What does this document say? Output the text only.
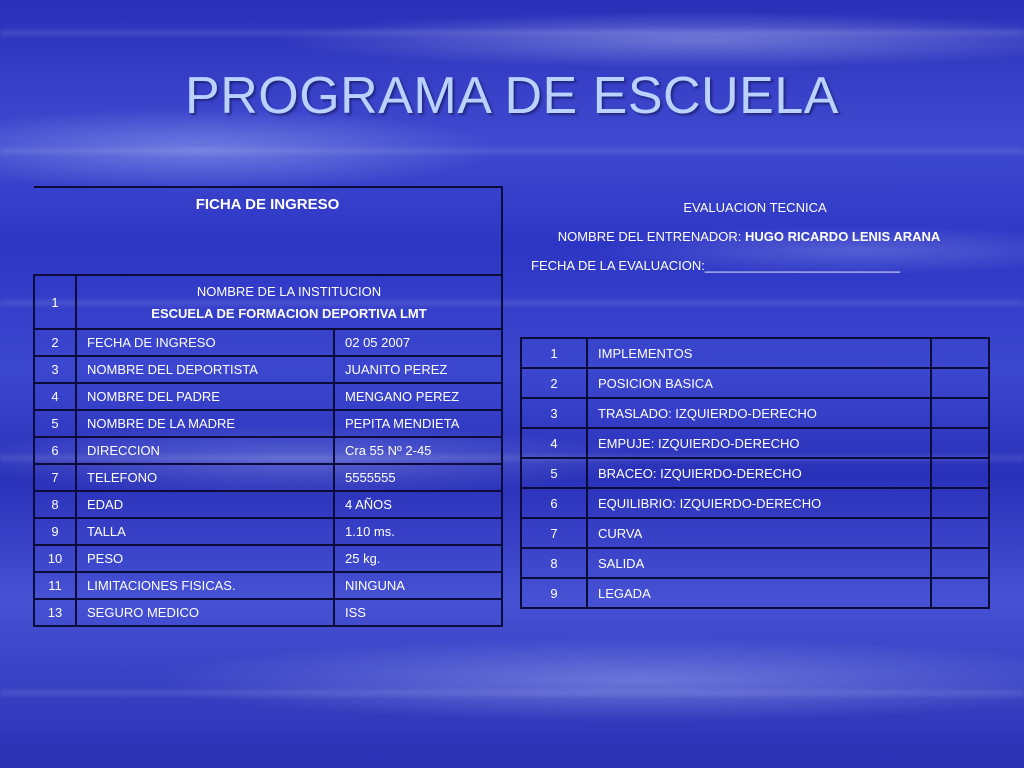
PROGRAMA DE ESCUELA
FICHA DE INGRESO		

1	NOMBRE DE LA INSTITUCION
ESCUELA DE FORMACION DEPORTIVA LMT	

2	FECHA DE INGRESO	02 05 2007
3	NOMBRE DEL DEPORTISTA	JUANITO PEREZ
4	NOMBRE DEL PADRE	MENGANO PEREZ
5	NOMBRE DE LA MADRE	PEPITA MENDIETA
6	DIRECCION	Cra 55 Nº 2-45
7	TELEFONO	5555555
8	EDAD	4 AÑOS
9	TALLA	1.10 ms.
10	PESO	25 kg.
11	LIMITACIONES FISICAS.	NINGUNA
13	SEGURO MEDICO	ISS
EVALUACION TECNICA
NOMBRE DEL ENTRENADOR: HUGO RICARDO LENIS ARANA
FECHA DE LA EVALUACION:___________________________
1	IMPLEMENTOS	
2	POSICION BASICA	
3	TRASLADO: IZQUIERDO-DERECHO	
4	EMPUJE: IZQUIERDO-DERECHO	
5	BRACEO: IZQUIERDO-DERECHO	
6	EQUILIBRIO: IZQUIERDO-DERECHO	
7	CURVA	
8	SALIDA	
9	LEGADA	
